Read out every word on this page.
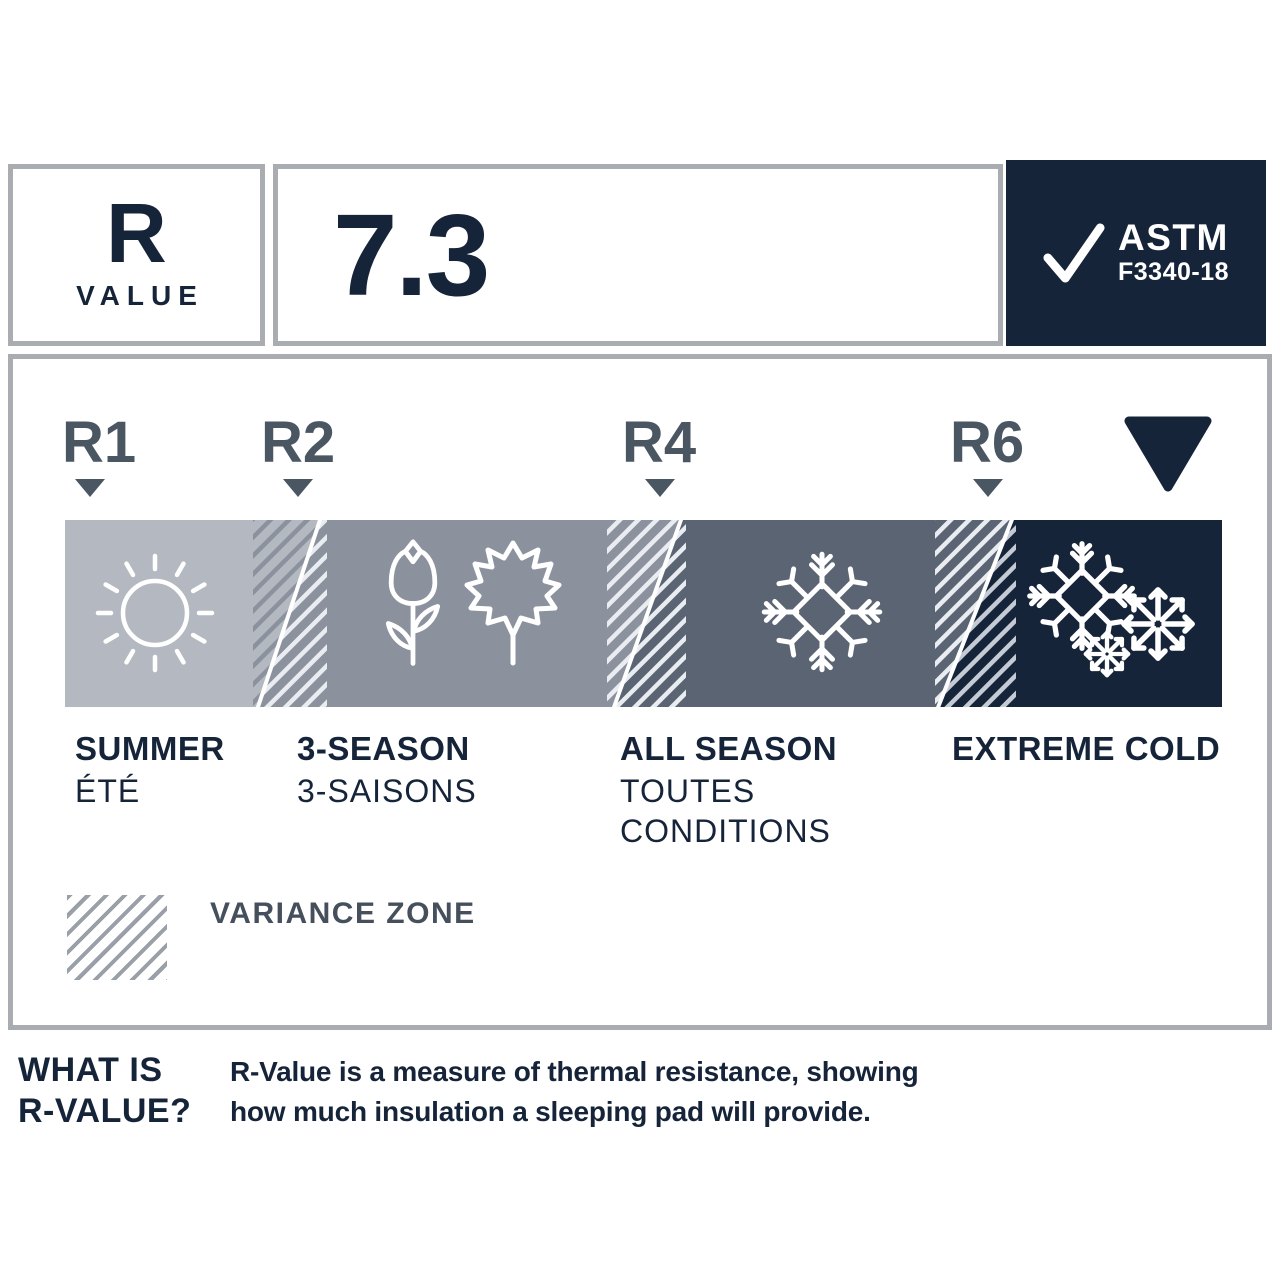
R
VALUE	7.3	ASTM
F3340-18
R1 R2	R4	R6
SUMMER 3-SEASON	ALL SEASON	EXTREME COLD
ÉTÉ	3-SAISONS	TOUTES
CONDITIONS
VARIANCE ZONE
WHAT IS
R-VALUE?
R-Value is a measure of thermal resistance, showing
how much insulation a sleeping pad will provide.
